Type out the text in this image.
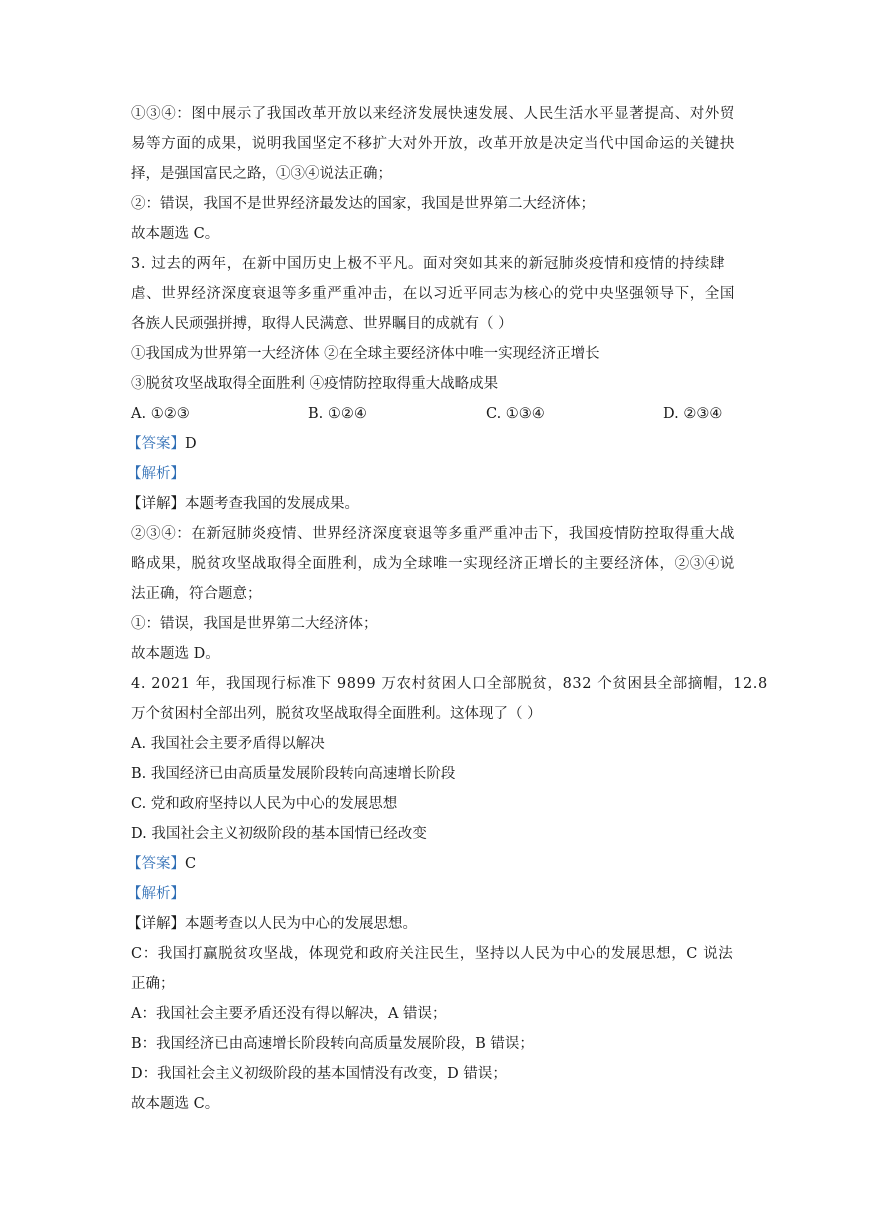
①③④：图中展示了我国改革开放以来经济发展快速发展、人民生活水平显著提高、对外贸
易等方面的成果，说明我国坚定不移扩大对外开放，改革开放是决定当代中国命运的关键抉
择，是强国富民之路，①③④说法正确；
②：错误，我国不是世界经济最发达的国家，我国是世界第二大经济体；
故本题选 C。
3. 过去的两年，在新中国历史上极不平凡。面对突如其来的新冠肺炎疫情和疫情的持续肆
虐、世界经济深度衰退等多重严重冲击，在以习近平同志为核心的党中央坚强领导下，全国
各族人民顽强拼搏，取得人民满意、世界瞩目的成就有（ ）
①我国成为世界第一大经济体 ②在全球主要经济体中唯一实现经济正增长
③脱贫攻坚战取得全面胜利 ④疫情防控取得重大战略成果
A. ①②③	B. ①②④	C. ①③④	D. ②③④
【答案】D
【解析】
【详解】本题考查我国的发展成果。
②③④：在新冠肺炎疫情、世界经济深度衰退等多重严重冲击下，我国疫情防控取得重大战
略成果，脱贫攻坚战取得全面胜利，成为全球唯一实现经济正增长的主要经济体，②③④说
法正确，符合题意；
①：错误，我国是世界第二大经济体；
故本题选 D。
4. 2021 年，我国现行标准下 9899 万农村贫困人口全部脱贫，832 个贫困县全部摘帽，12.8
万个贫困村全部出列，脱贫攻坚战取得全面胜利。这体现了（ ）
A. 我国社会主要矛盾得以解决
B. 我国经济已由高质量发展阶段转向高速增长阶段
C. 党和政府坚持以人民为中心的发展思想
D. 我国社会主义初级阶段的基本国情已经改变
【答案】C
【解析】
【详解】本题考查以人民为中心的发展思想。
C：我国打赢脱贫攻坚战，体现党和政府关注民生，坚持以人民为中心的发展思想，C 说法
正确；
A：我国社会主要矛盾还没有得以解决，A 错误；
B：我国经济已由高速增长阶段转向高质量发展阶段，B 错误；
D：我国社会主义初级阶段的基本国情没有改变，D 错误；
故本题选 C。
